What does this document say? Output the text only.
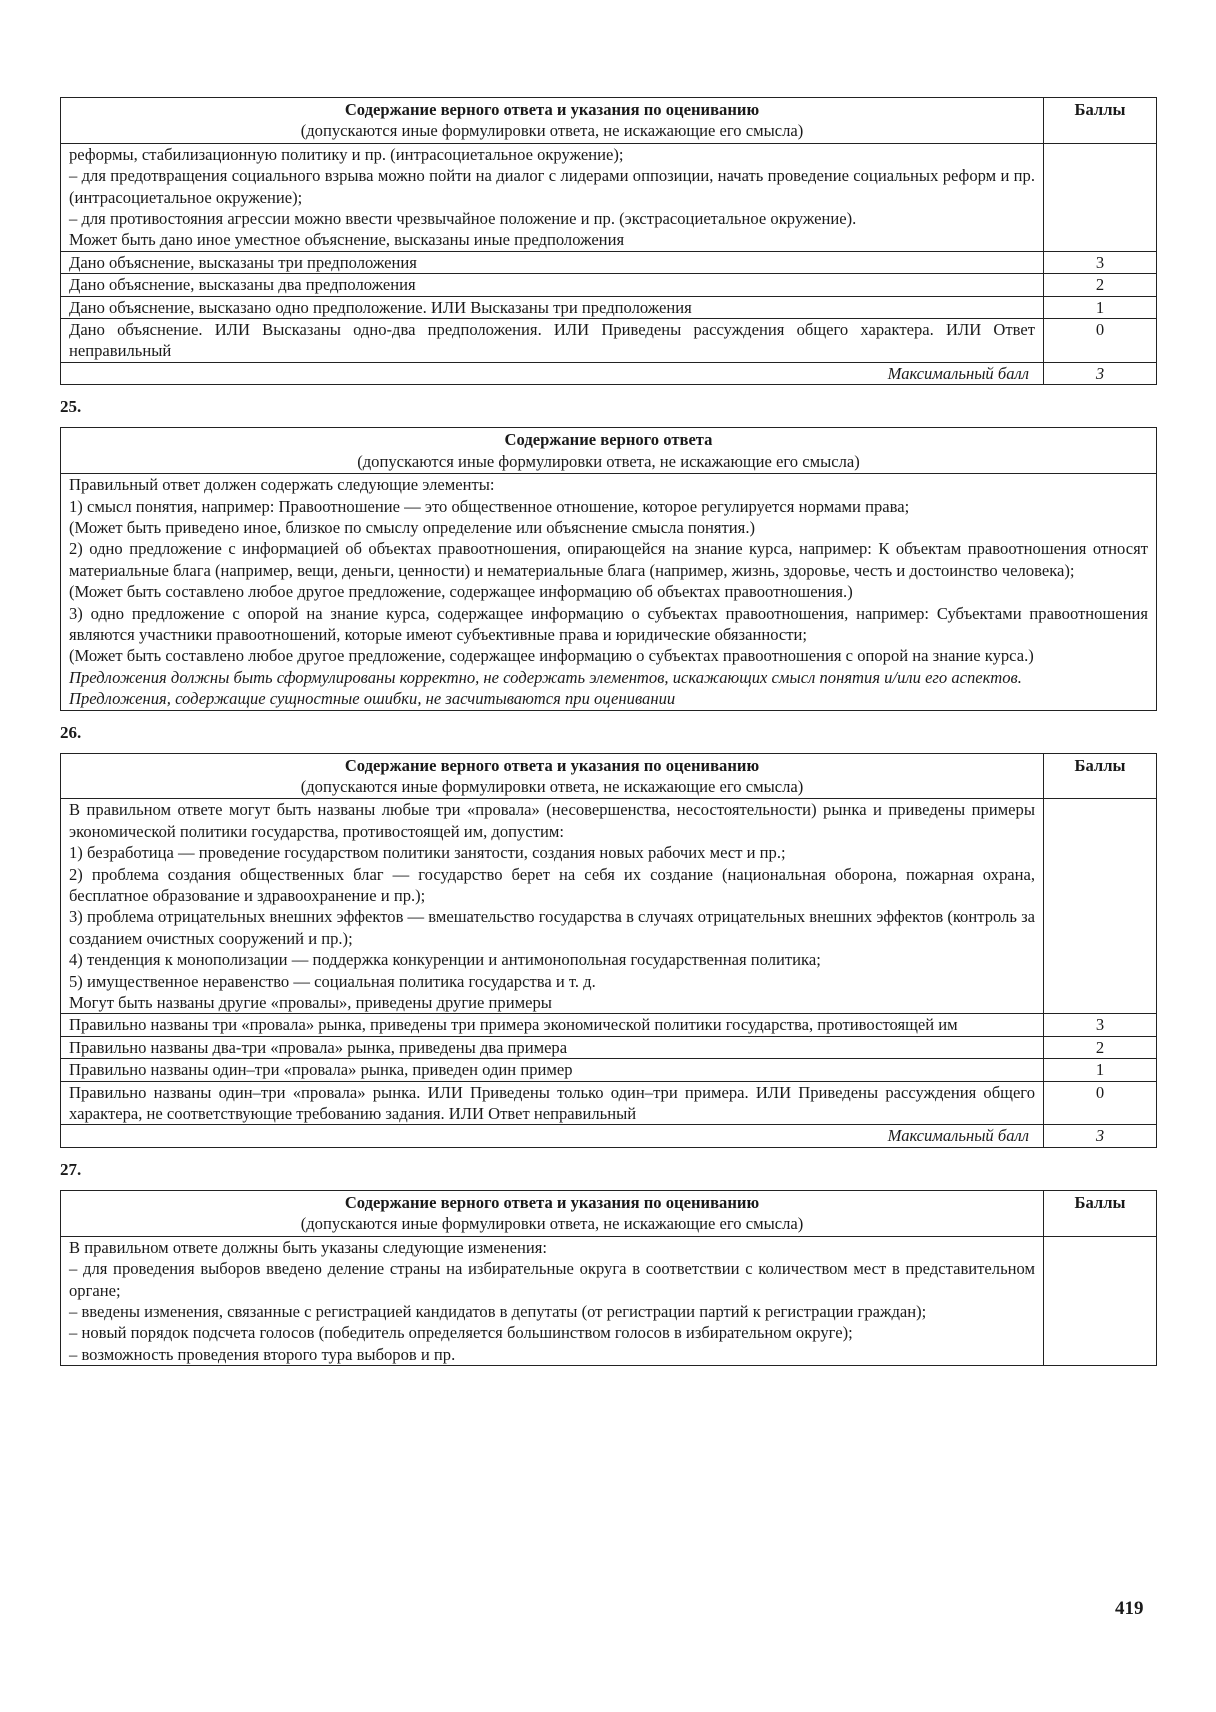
Содержание верного ответа и указания по оцениванию
(допускаются иные формулировки ответа, не искажающие его смысла)	Баллы

реформы, стабилизационную политику и пр. (интрасоциетальное окружение);
– для предотвращения социального взрыва можно пойти на диалог с лидерами оппозиции, начать проведение социальных реформ и пр. (интрасоциетальное окружение);
– для противостояния агрессии можно ввести чрезвычайное положение и пр. (экстрасоциетальное окружение).
Может быть дано иное уместное объяснение, высказаны иные предположения	

Дано объяснение, высказаны три предположения	3
Дано объяснение, высказаны два предположения	2
Дано объяснение, высказано одно предположение. ИЛИ Высказаны три предположения	1
Дано объяснение. ИЛИ Высказаны одно-два предположения. ИЛИ Приведены рассуждения общего характера. ИЛИ Ответ неправильный	0
Максимальный балл	3
25.
Содержание верного ответа
(допускаются иные формулировки ответа, не искажающие его смысла)

Правильный ответ должен содержать следующие элементы:
1) смысл понятия, например: Правоотношение — это общественное отношение, которое регулируется нормами права;
(Может быть приведено иное, близкое по смыслу определение или объяснение смысла понятия.)
2) одно предложение с информацией об объектах правоотношения, опирающейся на знание курса, например: К объектам правоотношения относят материальные блага (например, вещи, деньги, ценности) и нематериальные блага (например, жизнь, здоровье, честь и достоинство человека);
(Может быть составлено любое другое предложение, содержащее информацию об объектах правоотношения.)
3) одно предложение с опорой на знание курса, содержащее информацию о субъектах правоотношения, например: Субъектами правоотношения являются участники правоотношений, которые имеют субъективные права и юридические обязанности;
(Может быть составлено любое другое предложение, содержащее информацию о субъектах правоотношения с опорой на знание курса.)
Предложения должны быть сформулированы корректно, не содержать элементов, искажающих смысл понятия и/или его аспектов.
Предложения, содержащие сущностные ошибки, не засчитываются при оценивании
26.
Содержание верного ответа и указания по оцениванию
(допускаются иные формулировки ответа, не искажающие его смысла)	Баллы

В правильном ответе могут быть названы любые три «провала» (несовершенства, несостоятельности) рынка и приведены примеры экономической политики государства, противостоящей им, допустим:
1) безработица — проведение государством политики занятости, создания новых рабочих мест и пр.;
2) проблема создания общественных благ — государство берет на себя их создание (национальная оборона, пожарная охрана, бесплатное образование и здравоохранение и пр.);
3) проблема отрицательных внешних эффектов — вмешательство государства в случаях отрицательных внешних эффектов (контроль за созданием очистных сооружений и пр.);
4) тенденция к монополизации — поддержка конкуренции и антимонопольная государственная политика;
5) имущественное неравенство — социальная политика государства и т. д.
Могут быть названы другие «провалы», приведены другие примеры

Правильно названы три «провала» рынка, приведены три примера экономической политики государства, противостоящей им	3
Правильно названы два-три «провала» рынка, приведены два примера	2
Правильно названы один–три «провала» рынка, приведен один пример	1
Правильно названы один–три «провала» рынка. ИЛИ Приведены только один–три примера. ИЛИ Приведены рассуждения общего характера, не соответствующие требованию задания. ИЛИ Ответ неправильный	0
Максимальный балл	3
27.
Содержание верного ответа и указания по оцениванию
(допускаются иные формулировки ответа, не искажающие его смысла)	Баллы

В правильном ответе должны быть указаны следующие изменения:
– для проведения выборов введено деление страны на избирательные округа в соответствии с количеством мест в представительном органе;
– введены изменения, связанные с регистрацией кандидатов в депутаты (от регистрации партий к регистрации граждан);
– новый порядок подсчета голосов (победитель определяется большинством голосов в избирательном округе);
– возможность проведения второго тура выборов и пр.	

419
